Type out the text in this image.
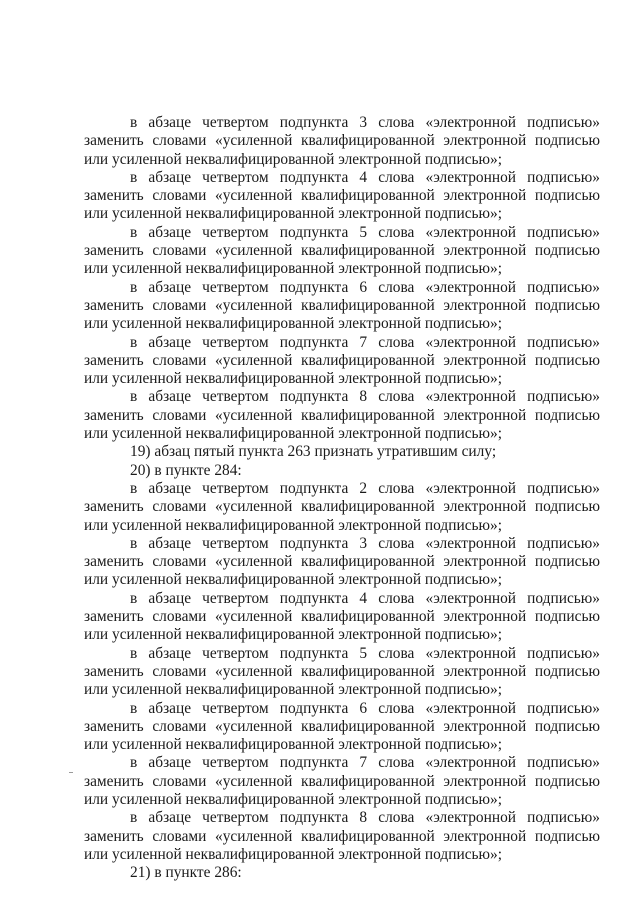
в абзаце четвертом подпункта 3 слова «электронной подписью» заменить словами «усиленной квалифицированной электронной подписью или усиленной неквалифицированной электронной подписью»;

в абзаце четвертом подпункта 4 слова «электронной подписью» заменить словами «усиленной квалифицированной электронной подписью или усиленной неквалифицированной электронной подписью»;

в абзаце четвертом подпункта 5 слова «электронной подписью» заменить словами «усиленной квалифицированной электронной подписью или усиленной неквалифицированной электронной подписью»;

в абзаце четвертом подпункта 6 слова «электронной подписью» заменить словами «усиленной квалифицированной электронной подписью или усиленной неквалифицированной электронной подписью»;

в абзаце четвертом подпункта 7 слова «электронной подписью» заменить словами «усиленной квалифицированной электронной подписью или усиленной неквалифицированной электронной подписью»;

в абзаце четвертом подпункта 8 слова «электронной подписью» заменить словами «усиленной квалифицированной электронной подписью или усиленной неквалифицированной электронной подписью»;

19) абзац пятый пункта 263 признать утратившим силу;

20) в пункте 284:

в абзаце четвертом подпункта 2 слова «электронной подписью» заменить словами «усиленной квалифицированной электронной подписью или усиленной неквалифицированной электронной подписью»;

в абзаце четвертом подпункта 3 слова «электронной подписью» заменить словами «усиленной квалифицированной электронной подписью или усиленной неквалифицированной электронной подписью»;

в абзаце четвертом подпункта 4 слова «электронной подписью» заменить словами «усиленной квалифицированной электронной подписью или усиленной неквалифицированной электронной подписью»;

в абзаце четвертом подпункта 5 слова «электронной подписью» заменить словами «усиленной квалифицированной электронной подписью или усиленной неквалифицированной электронной подписью»;

в абзаце четвертом подпункта 6 слова «электронной подписью» заменить словами «усиленной квалифицированной электронной подписью или усиленной неквалифицированной электронной подписью»;

в абзаце четвертом подпункта 7 слова «электронной подписью» заменить словами «усиленной квалифицированной электронной подписью или усиленной неквалифицированной электронной подписью»;

в абзаце четвертом подпункта 8 слова «электронной подписью» заменить словами «усиленной квалифицированной электронной подписью или усиленной неквалифицированной электронной подписью»;

21) в пункте 286:
